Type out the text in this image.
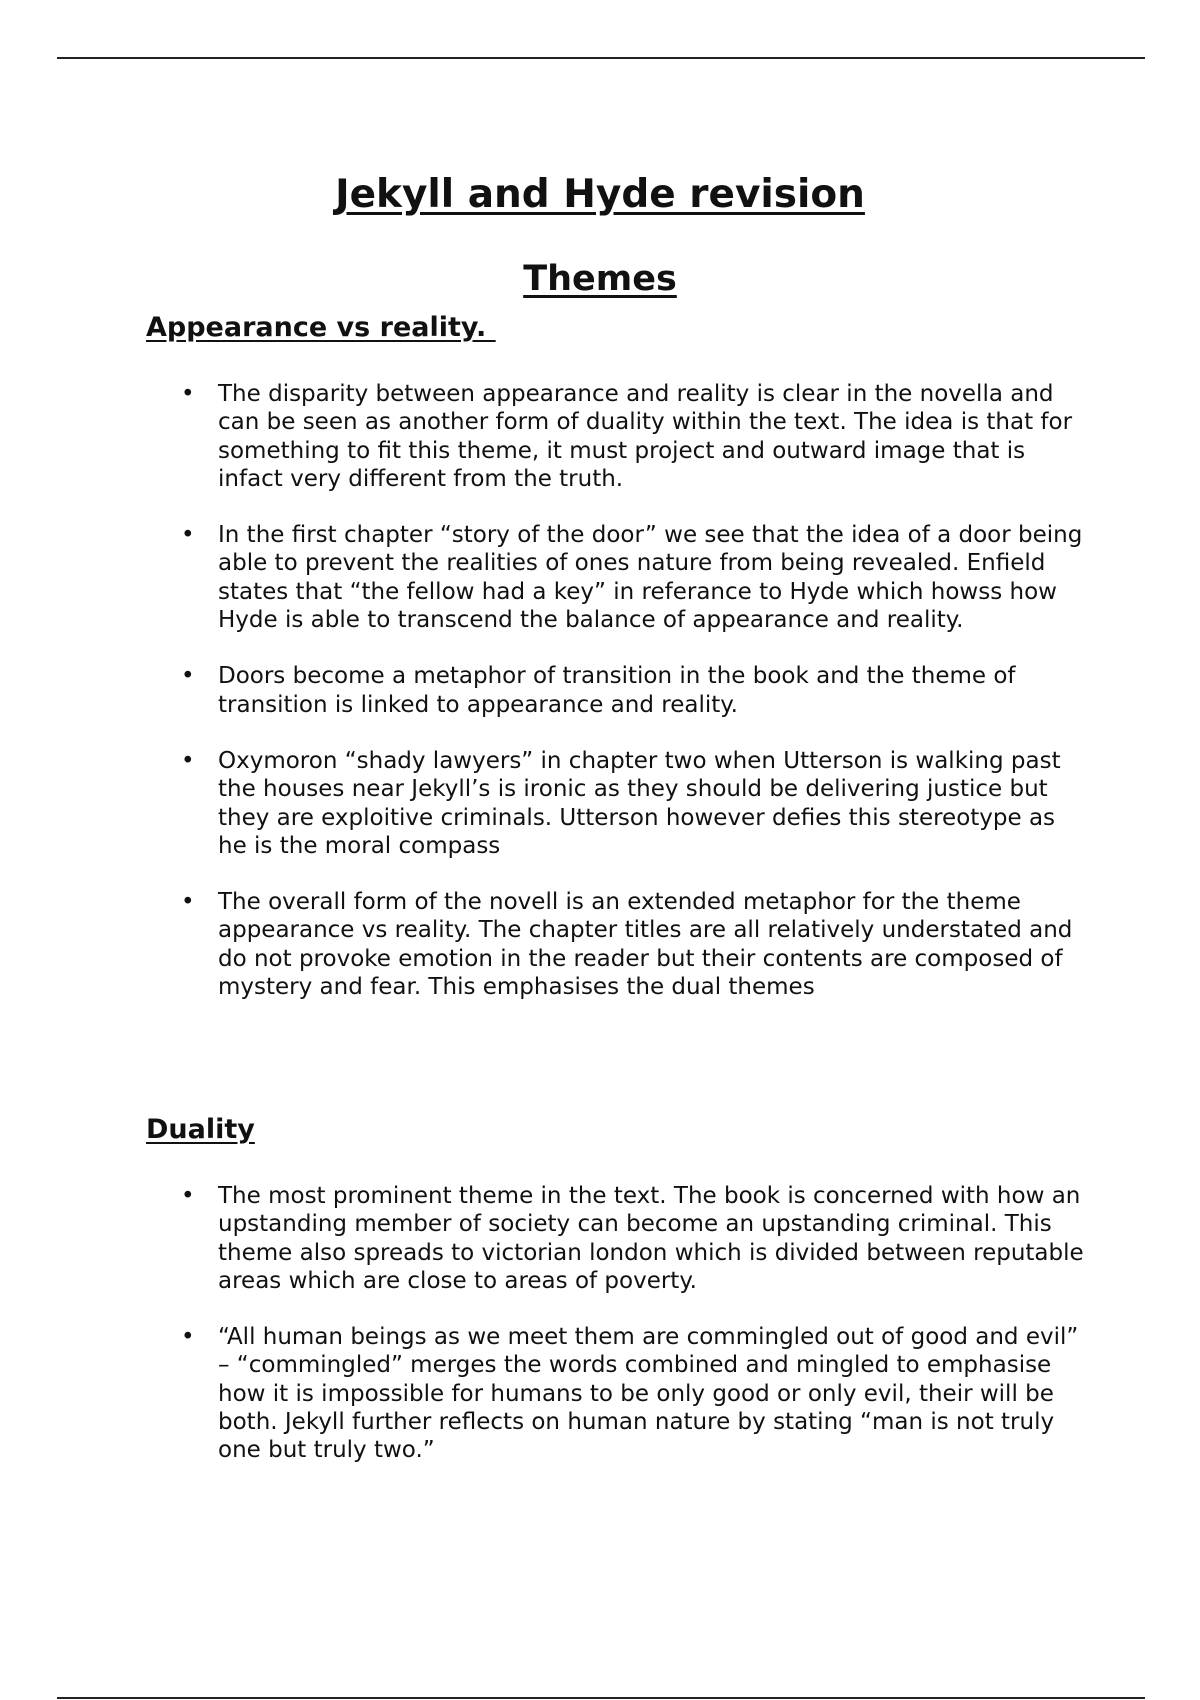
Jekyll and Hyde revision
Themes
Appearance vs reality.
• The disparity between appearance and reality is clear in the novella and can be seen as another form of duality within the text. The idea is that for something to fit this theme, it must project and outward image that is infact very different from the truth.
• In the first chapter “story of the door” we see that the idea of a door being able to prevent the realities of ones nature from being revealed. Enfield states that “the fellow had a key” in referance to Hyde which howss how Hyde is able to transcend the balance of appearance and reality.
• Doors become a metaphor of transition in the book and the theme of transition is linked to appearance and reality.
• Oxymoron “shady lawyers” in chapter two when Utterson is walking past the houses near Jekyll’s is ironic as they should be delivering justice but they are exploitive criminals. Utterson however defies this stereotype as he is the moral compass
• The overall form of the novell is an extended metaphor for the theme appearance vs reality. The chapter titles are all relatively understated and do not provoke emotion in the reader but their contents are composed of mystery and fear. This emphasises the dual themes
Duality
• The most prominent theme in the text. The book is concerned with how an upstanding member of society can become an upstanding criminal. This theme also spreads to victorian london which is divided between reputable areas which are close to areas of poverty.
• “All human beings as we meet them are commingled out of good and evil” – “commingled” merges the words combined and mingled to emphasise how it is impossible for humans to be only good or only evil, their will be both. Jekyll further reflects on human nature by stating “man is not truly one but truly two.”
